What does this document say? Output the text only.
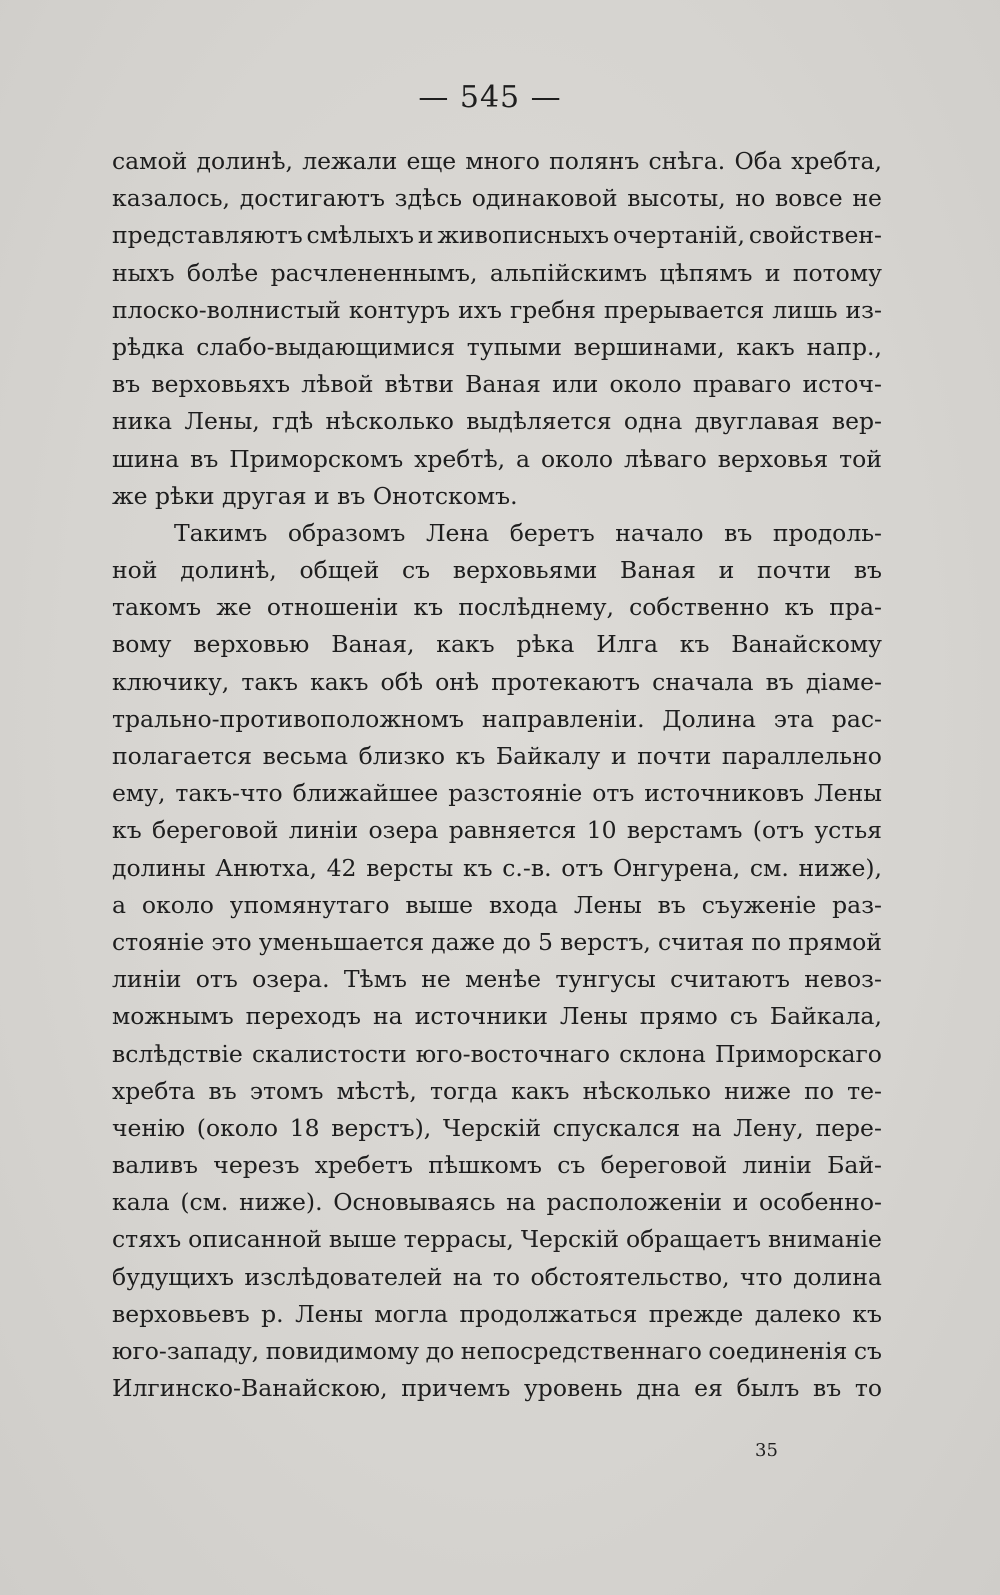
— 545 —
самой долинѣ, лежали еще много полянъ снѣга. Оба хребта,
казалось, достигаютъ здѣсь одинаковой высоты, но вовсе не
представляютъ смѣлыхъ и живописныхъ очертаній, свойствен-
ныхъ болѣе расчлененнымъ, альпійскимъ цѣпямъ и потому
плоско-волнистый контуръ ихъ гребня прерывается лишь из-
рѣдка слабо-выдающимися тупыми вершинами, какъ напр.,
въ верховьяхъ лѣвой вѣтви Ваная или около праваго источ-
ника Лены, гдѣ нѣсколько выдѣляется одна двуглавая вер-
шина въ Приморскомъ хребтѣ, а около лѣваго верховья той
же рѣки другая и въ Онотскомъ.
Такимъ образомъ Лена беретъ начало въ продоль-
ной долинѣ, общей съ верховьями Ваная и почти въ
такомъ же отношеніи къ послѣднему, собственно къ пра-
вому верховью Ваная, какъ рѣка Илга къ Ванайскому
ключику, такъ какъ обѣ онѣ протекаютъ сначала въ діаме-
трально-противоположномъ направленіи. Долина эта рас-
полагается весьма близко къ Байкалу и почти параллельно
ему, такъ-что ближайшее разстояніе отъ источниковъ Лены
къ береговой линіи озера равняется 10 верстамъ (отъ устья
долины Анютха, 42 версты къ с.-в. отъ Онгурена, см. ниже),
а около упомянутаго выше входа Лены въ съуженіе раз-
стояніе это уменьшается даже до 5 верстъ, считая по прямой
линіи отъ озера. Тѣмъ не менѣе тунгусы считаютъ невоз-
можнымъ переходъ на источники Лены прямо съ Байкала,
вслѣдствіе скалистости юго-восточнаго склона Приморскаго
хребта въ этомъ мѣстѣ, тогда какъ нѣсколько ниже по те-
ченію (около 18 верстъ), Черскій спускался на Лену, пере-
валивъ черезъ хребетъ пѣшкомъ съ береговой линіи Бай-
кала (см. ниже). Основываясь на расположеніи и особенно-
стяхъ описанной выше террасы, Черскій обращаетъ вниманіе
будущихъ изслѣдователей на то обстоятельство, что долина
верховьевъ р. Лены могла продолжаться прежде далеко къ
юго-западу, повидимому до непосредственнаго соединенія съ
Илгинско-Ванайскою, причемъ уровень дна ея былъ въ то
35
